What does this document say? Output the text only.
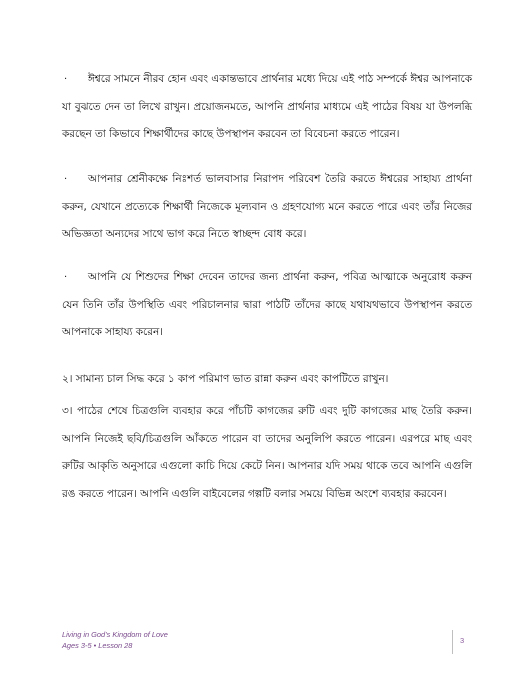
·	ঈশ্বরে সামনে নীরব হোন এবং একান্তভাবে প্রার্থনার মধ্যে দিয়ে এই পাঠ সম্পর্কে ঈশ্বর আপনাকে যা বুঝতে দেন তা লিখে রাখুন। প্রয়োজনমতে, আপনি প্রার্থনার মাধ্যমে এই পাঠের বিষয় যা উপলব্ধি করছেন তা কিভাবে শিক্ষার্থীদের কাছে উপস্থাপন করবেন তা বিবেচনা করতে পারেন।
·	আপনার শ্রেনীকক্ষে নিঃশর্ত ভালবাসার নিরাপদ পরিবেশ তৈরি করতে ঈশ্বরের সাহায্য প্রার্থনা করুন, যেখানে প্রত্যেকে শিক্ষার্থী নিজেকে মূল্যবান ও গ্রহণযোগ্য মনে করতে পারে এবং তাঁর নিজের অভিজ্ঞতা অন্যদের সাথে ভাগ করে নিতে স্বাচ্ছন্দ বোধ করে।
·	আপনি যে শিশুদের শিক্ষা দেবেন তাদের জন্য প্রার্থনা করুন, পবিত্র আত্মাকে অনুরোধ করুন যেন তিনি তাঁর উপস্থিতি এবং পরিচালনার দ্বারা পাঠটি তাঁদের কাছে যথাযথভাবে উপস্থাপন করতে আপনাকে সাহায্য করেন।
২। সামান্য চাল সিদ্ধ করে ১ কাপ পরিমাণ ভাত রান্না করুন এবং কাপটিতে রাখুন।
৩। পাঠের শেষে চিত্রগুলি ব্যবহার করে পাঁচটি কাগজের রুটি এবং দুটি কাগজের মাছ তৈরি করুন। আপনি নিজেই ছবি/চিত্রগুলি আঁকতে পারেন বা তাদের অনুলিপি করতে পারেন। এরপরে মাছ এবং রুটির আকৃতি অনুসারে এগুলো কাচি দিয়ে কেটে নিন। আপনার যদি সময় থাকে তবে আপনি এগুলি রঙ করতে পারেন। আপনি এগুলি বাইবেলের গল্পটি বলার সময়ে বিভিন্ন অংশে ব্যবহার করবেন।
Living in God’s Kingdom of Love
Ages 3-5 • Lesson 28
3
